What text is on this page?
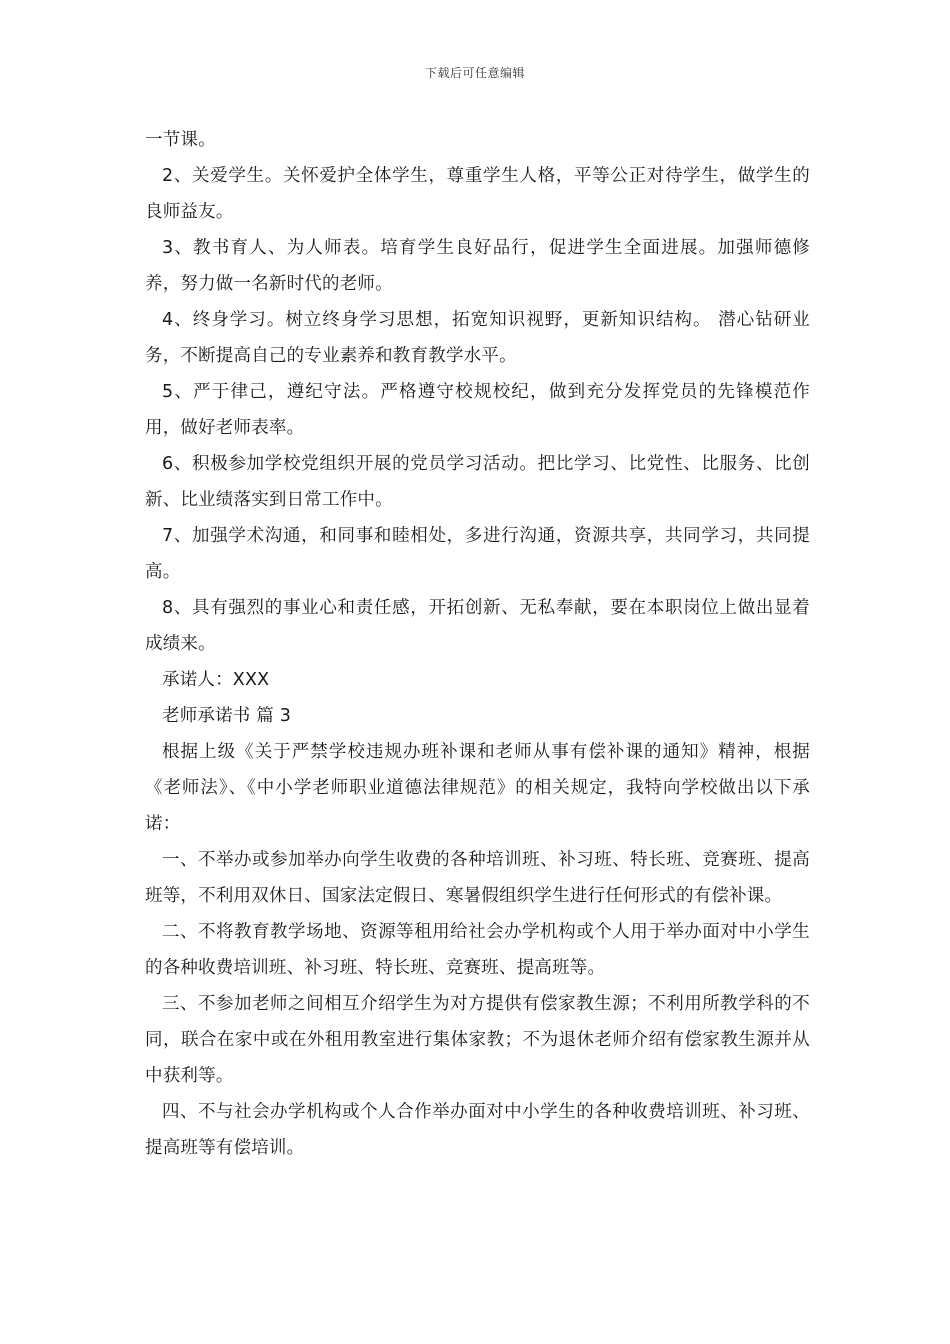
下载后可任意编辑

一节课。

2、关爱学生。关怀爱护全体学生，尊重学生人格，平等公正对待学生，做学生的良师益友。

3、教书育人、为人师表。培育学生良好品行，促进学生全面进展。加强师德修养，努力做一名新时代的老师。

4、终身学习。树立终身学习思想，拓宽知识视野，更新知识结构。 潜心钻研业务，不断提高自己的专业素养和教育教学水平。

5、严于律己，遵纪守法。严格遵守校规校纪，做到充分发挥党员的先锋模范作用，做好老师表率。

6、积极参加学校党组织开展的党员学习活动。把比学习、比党性、比服务、比创新、比业绩落实到日常工作中。

7、加强学术沟通，和同事和睦相处，多进行沟通，资源共享，共同学习，共同提高。

8、具有强烈的事业心和责任感，开拓创新、无私奉献，要在本职岗位上做出显着成绩来。

承诺人：XXX

老师承诺书 篇 3

根据上级《关于严禁学校违规办班补课和老师从事有偿补课的通知》精神，根据《老师法》、《中小学老师职业道德法律规范》的相关规定，我特向学校做出以下承诺：

一、不举办或参加举办向学生收费的各种培训班、补习班、特长班、竞赛班、提高班等，不利用双休日、国家法定假日、寒暑假组织学生进行任何形式的有偿补课。

二、不将教育教学场地、资源等租用给社会办学机构或个人用于举办面对中小学生的各种收费培训班、补习班、特长班、竞赛班、提高班等。

三、不参加老师之间相互介绍学生为对方提供有偿家教生源；不利用所教学科的不同，联合在家中或在外租用教室进行集体家教；不为退休老师介绍有偿家教生源并从中获利等。

四、不与社会办学机构或个人合作举办面对中小学生的各种收费培训班、补习班、提高班等有偿培训。
